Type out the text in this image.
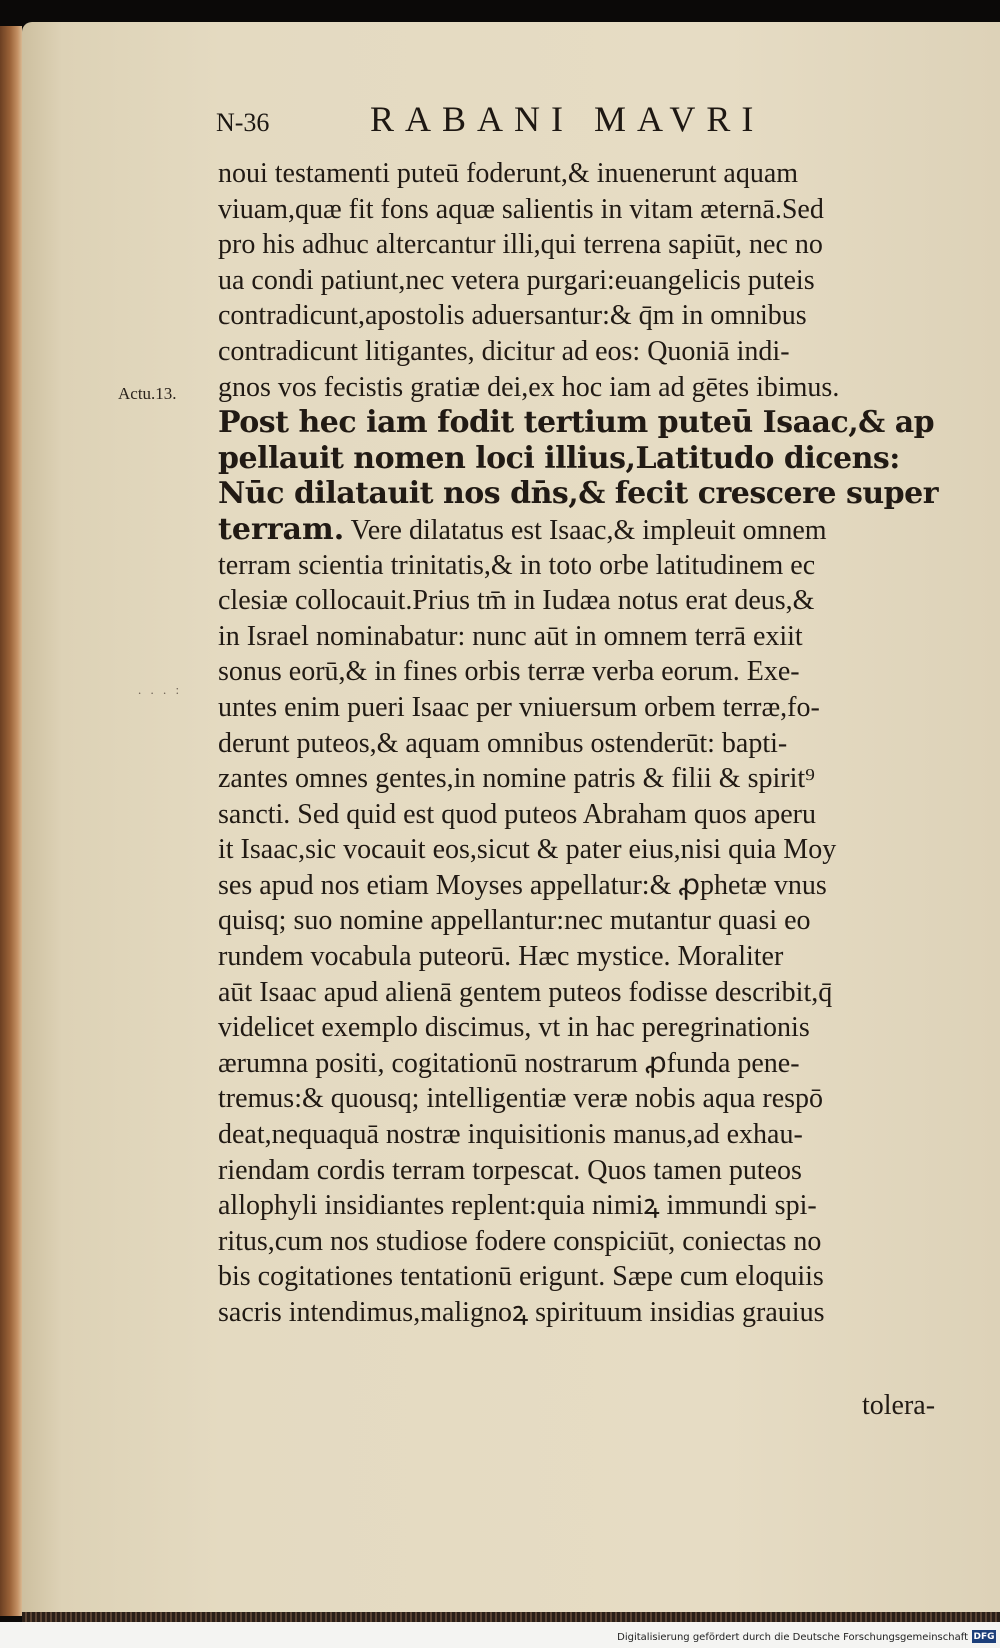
N-36	RABANI MAVRI
Actu.13.
. . . :
noui testamenti puteū foderunt,& inuenerunt aquam
viuam,quæ fit fons aquæ salientis in vitam æternā.Sed
pro his adhuc altercantur illi,qui terrena sapiūt, nec no
ua condi patiunt,nec vetera purgari:euangelicis puteis
contradicunt,apostolis aduersantur:& q̄m in omnibus
contradicunt litigantes, dicitur ad eos: Quoniā indi-
gnos vos fecistis gratiæ dei,ex hoc iam ad gētes ibimus.
Post hec iam fodit tertium puteū Isaac,& ap
pellauit nomen loci illius,Latitudo dicens:
Nūc dilatauit nos dn̄s,& fecit crescere super
terram. Vere dilatatus est Isaac,& impleuit omnem
terram scientia trinitatis,& in toto orbe latitudinem ec
clesiæ collocauit.Prius tm̄ in Iudæa notus erat deus,&
in Israel nominabatur: nunc aūt in omnem terrā exiit
sonus eorū,& in fines orbis terræ verba eorum. Exe-
untes enim pueri Isaac per vniuersum orbem terræ,fo-
derunt puteos,& aquam omnibus ostenderūt: bapti-
zantes omnes gentes,in nomine patris & filii & spirit⁹
sancti. Sed quid est quod puteos Abraham quos aperu
it Isaac,sic vocauit eos,sicut & pater eius,nisi quia Moy
ses apud nos etiam Moyses appellatur:& ꝓphetæ vnus
quisq; suo nomine appellantur:nec mutantur quasi eo
rundem vocabula puteorū. Hæc mystice. Moraliter
aūt Isaac apud alienā gentem puteos fodisse describit,q̄
videlicet exemplo discimus, vt in hac peregrinationis
ærumna positi, cogitationū nostrarum ꝓfunda pene-
tremus:& quousq; intelligentiæ veræ nobis aqua respō
deat,nequaquā nostræ inquisitionis manus,ad exhau-
riendam cordis terram torpescat. Quos tamen puteos
allophyli insidiantes replent:quia nimiꝝ immundi spi-
ritus,cum nos studiose fodere conspiciūt, coniectas no
bis cogitationes tentationū erigunt. Sæpe cum eloquiis
sacris intendimus,malignoꝝ spirituum insidias grauius
tolera-
Digitalisierung gefördert durch die Deutsche Forschungsgemeinschaft DFG
